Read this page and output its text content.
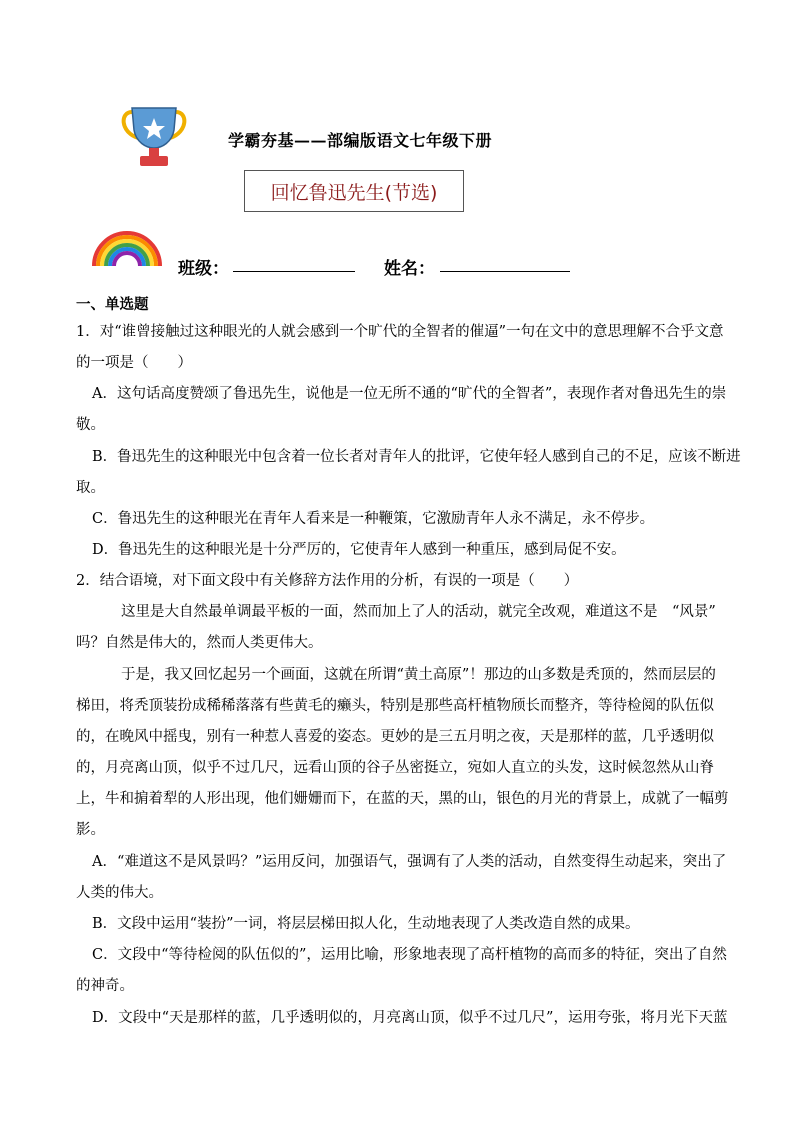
学霸夯基——部编版语文七年级下册
回忆鲁迅先生(节选)
班级：	姓名：
一、单选题
1．对“谁曾接触过这种眼光的人就会感到一个旷代的全智者的催逼”一句在文中的意思理解不合乎文意
的一项是（　　）
A．这句话高度赞颂了鲁迅先生，说他是一位无所不通的“旷代的全智者”，表现作者对鲁迅先生的崇
敬。
B．鲁迅先生的这种眼光中包含着一位长者对青年人的批评，它使年轻人感到自己的不足，应该不断进
取。
C．鲁迅先生的这种眼光在青年人看来是一种鞭策，它激励青年人永不满足，永不停步。
D．鲁迅先生的这种眼光是十分严厉的，它使青年人感到一种重压，感到局促不安。
2．结合语境，对下面文段中有关修辞方法作用的分析，有误的一项是（　　）
这里是大自然最单调最平板的一面，然而加上了人的活动，就完全改观，难道这不是　“风景”
吗？自然是伟大的，然而人类更伟大。
于是，我又回忆起另一个画面，这就在所谓“黄土高原”！那边的山多数是秃顶的，然而层层的
梯田，将秃顶装扮成稀稀落落有些黄毛的癞头，特别是那些高杆植物颀长而整齐，等待检阅的队伍似
的，在晚风中摇曳，别有一种惹人喜爱的姿态。更妙的是三五月明之夜，天是那样的蓝，几乎透明似
的，月亮离山顶，似乎不过几尺，远看山顶的谷子丛密挺立，宛如人直立的头发，这时候忽然从山脊
上，牛和掮着犁的人形出现，他们姗姗而下，在蓝的天，黑的山，银色的月光的背景上，成就了一幅剪
影。
A．“难道这不是风景吗？”运用反问，加强语气，强调有了人类的活动，自然变得生动起来，突出了
人类的伟大。
B．文段中运用“装扮”一词，将层层梯田拟人化，生动地表现了人类改造自然的成果。
C．文段中“等待检阅的队伍似的”，运用比喻，形象地表现了高杆植物的高而多的特征，突出了自然
的神奇。
D．文段中“天是那样的蓝，几乎透明似的，月亮离山顶，似乎不过几尺”，运用夸张，将月光下天蓝
